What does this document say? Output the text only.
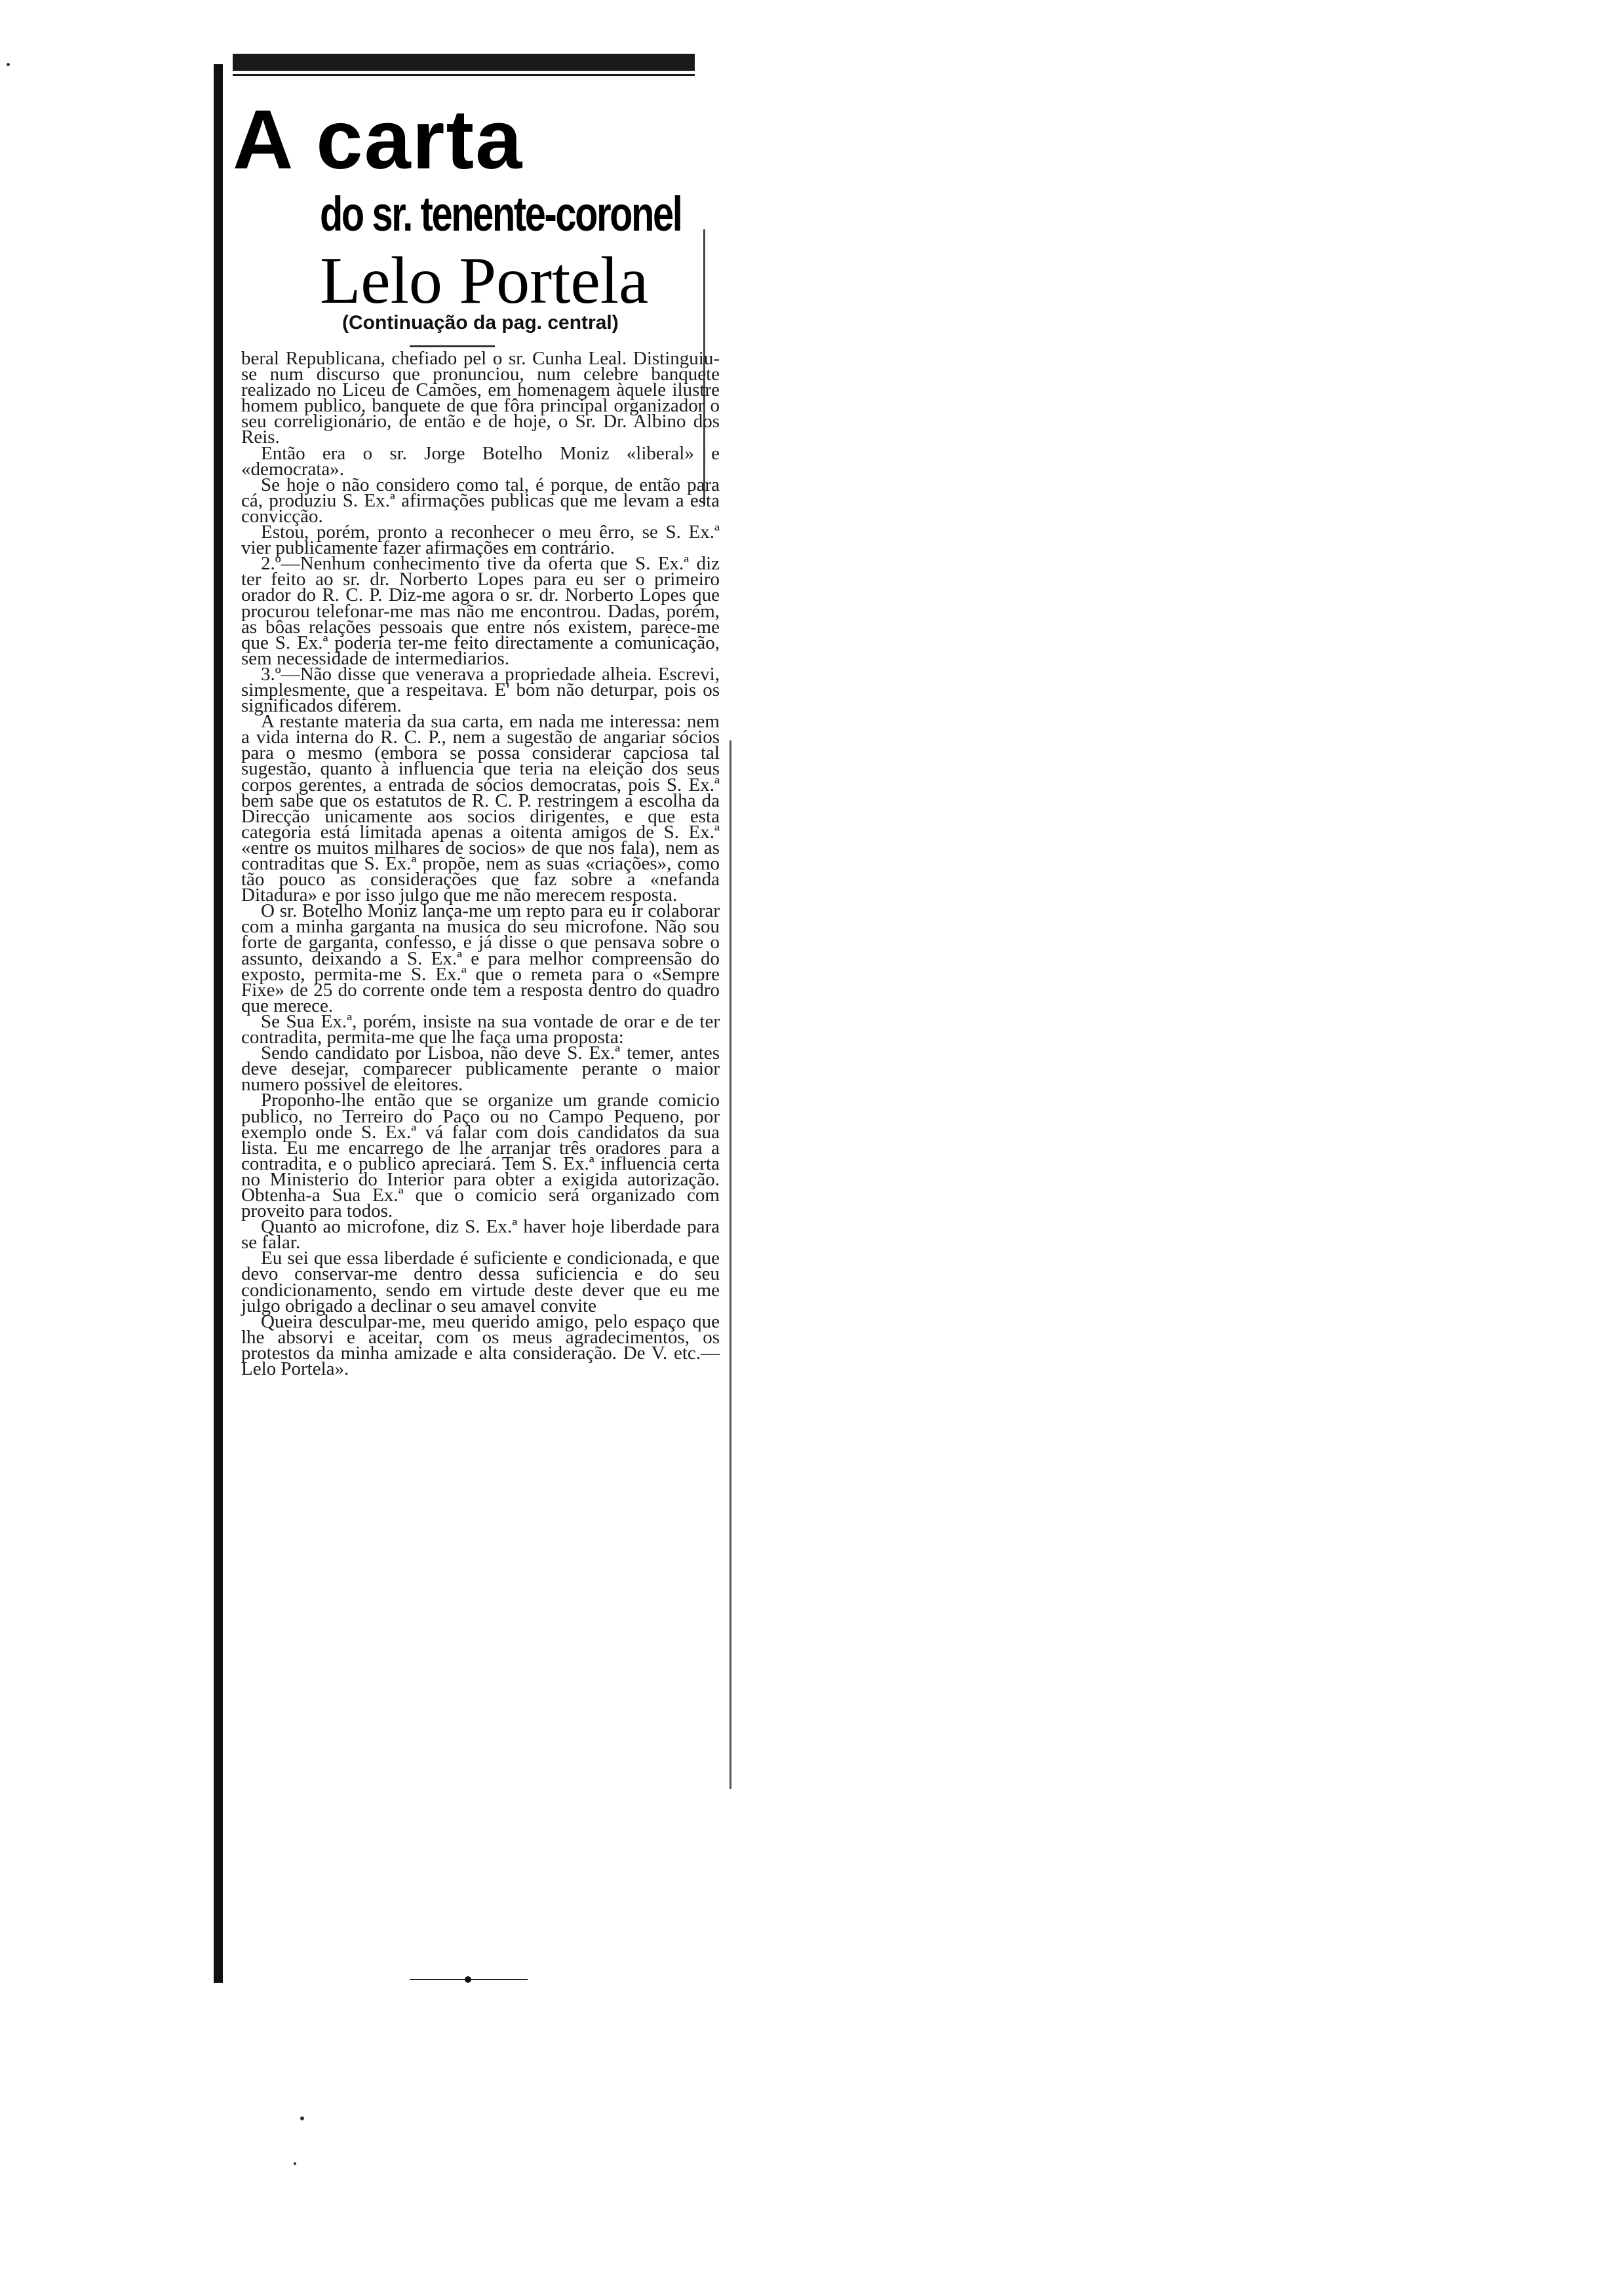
A carta
do sr. tenente-coronel
Lelo Portela
(Continuação da pag. central)

beral Republicana, chefiado pel o sr. Cunha Leal. Distinguiu-se num discurso que pronunciou, num celebre banquete realizado no Liceu de Camões, em homenagem àquele ilustre homem publico, banquete de que fôra principal organizador o seu correligionário, de então e de hoje, o Sr. Dr. Albino dos Reis.

Então era o sr. Jorge Botelho Moniz «liberal» e «democrata».

Se hoje o não considero como tal, é porque, de então para cá, produziu S. Ex.ª afirmações publicas que me levam a esta convicção.

Estou, porém, pronto a reconhecer o meu êrro, se S. Ex.ª vier publicamente fazer afirmações em contrário.

2.º—Nenhum conhecimento tive da oferta que S. Ex.ª diz ter feito ao sr. dr. Norberto Lopes para eu ser o primeiro orador do R. C. P. Diz-me agora o sr. dr. Norberto Lopes que procurou telefonar-me mas não me encontrou. Dadas, porém, as bôas relações pessoais que entre nós existem, parece-me que S. Ex.ª poderia ter-me feito directamente a comunicação, sem necessidade de intermediarios.

3.º—Não disse que venerava a propriedade alheia. Escrevi, simplesmente, que a respeitava. E' bom não deturpar, pois os significados diferem.

A restante materia da sua carta, em nada me interessa: nem a vida interna do R. C. P., nem a sugestão de angariar sócios para o mesmo (embora se possa considerar capciosa tal sugestão, quanto à influencia que teria na eleição dos seus corpos gerentes, a entrada de sócios democratas, pois S. Ex.ª bem sabe que os estatutos de R. C. P. restringem a escolha da Direcção unicamente aos socios dirigentes, e que esta categoria está limitada apenas a oitenta amigos de S. Ex.ª «entre os muitos milhares de socios» de que nos fala), nem as contraditas que S. Ex.ª propõe, nem as suas «criações», como tão pouco as considerações que faz sobre a «nefanda Ditadura» e por isso julgo que me não merecem resposta.

O sr. Botelho Moniz lança-me um repto para eu ir colaborar com a minha garganta na musica do seu microfone. Não sou forte de garganta, confesso, e já disse o que pensava sobre o assunto, deixando a S. Ex.ª e para melhor compreensão do exposto, permita-me S. Ex.ª que o remeta para o «Sempre Fixe» de 25 do corrente onde tem a resposta dentro do quadro que merece.

Se Sua Ex.ª, porém, insiste na sua vontade de orar e de ter contradita, permita-me que lhe faça uma proposta:

Sendo candidato por Lisboa, não deve S. Ex.ª temer, antes deve desejar, comparecer publicamente perante o maior numero possivel de eleitores.

Proponho-lhe então que se organize um grande comicio publico, no Terreiro do Paço ou no Campo Pequeno, por exemplo onde S. Ex.ª vá falar com dois candidatos da sua lista. Eu me encarrego de lhe arranjar três oradores para a contradita, e o publico apreciará. Tem S. Ex.ª influencia certa no Ministerio do Interior para obter a exigida autorização. Obtenha-a Sua Ex.ª que o comicio será organizado com proveito para todos.

Quanto ao microfone, diz S. Ex.ª haver hoje liberdade para se falar.

Eu sei que essa liberdade é suficiente e condicionada, e que devo conservar-me dentro dessa suficiencia e do seu condicionamento, sendo em virtude deste dever que eu me julgo obrigado a declinar o seu amavel convite

Queira desculpar-me, meu querido amigo, pelo espaço que lhe absorvi e aceitar, com os meus agradecimentos, os protestos da minha amizade e alta consideração. De V. etc.—Lelo Portela».
